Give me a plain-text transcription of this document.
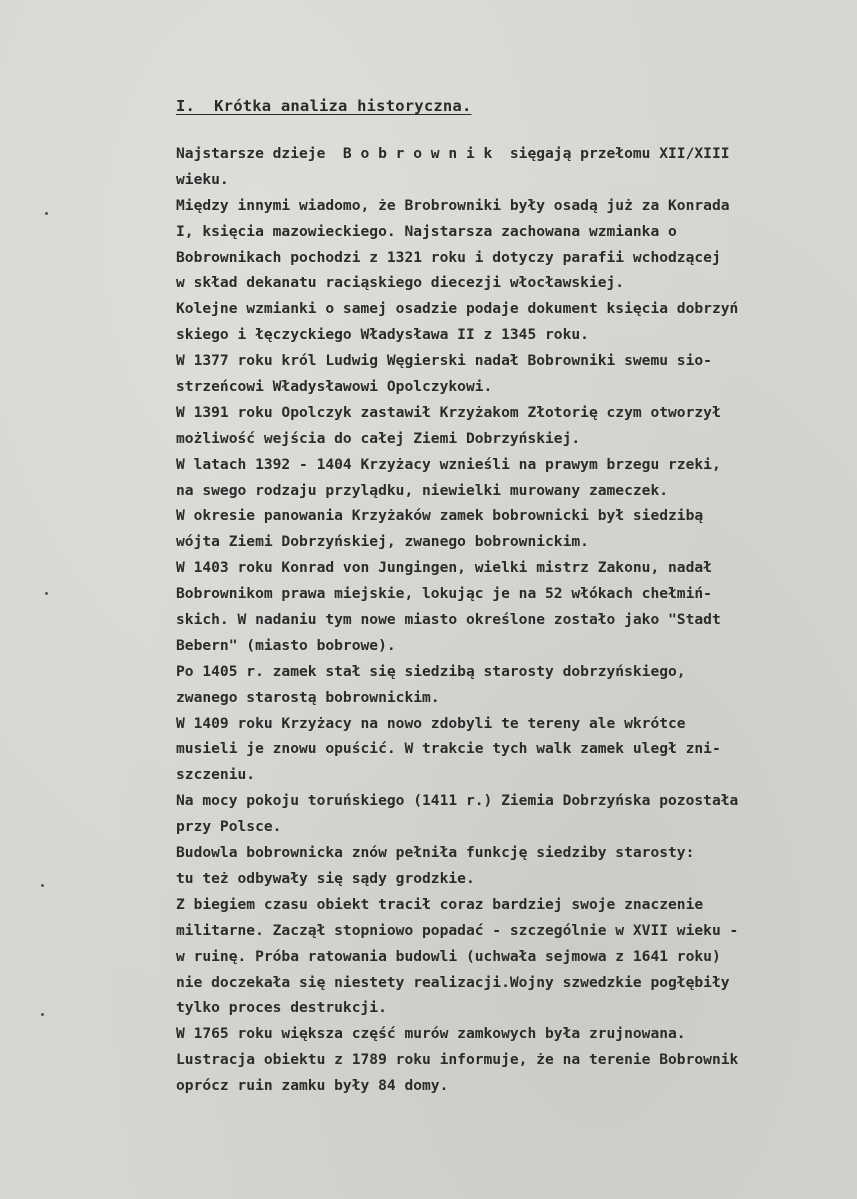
I.  Krótka analiza historyczna.
Najstarsze dzieje  B o b r o w n i k  sięgają przełomu XII/XIII
wieku.
Między innymi wiadomo, że Brobrowniki były osadą już za Konrada
I, księcia mazowieckiego. Najstarsza zachowana wzmianka o
Bobrownikach pochodzi z 1321 roku i dotyczy parafii wchodzącej
w skład dekanatu raciąskiego diecezji włocławskiej.
Kolejne wzmianki o samej osadzie podaje dokument księcia dobrzyń
skiego i łęczyckiego Władysława II z 1345 roku.
W 1377 roku król Ludwig Węgierski nadał Bobrowniki swemu sio-
strzeńcowi Władysławowi Opolczykowi.
W 1391 roku Opolczyk zastawił Krzyżakom Złotorię czym otworzył
możliwość wejścia do całej Ziemi Dobrzyńskiej.
W latach 1392 - 1404 Krzyżacy wznieśli na prawym brzegu rzeki,
na swego rodzaju przylądku, niewielki murowany zameczek.
W okresie panowania Krzyżaków zamek bobrownicki był siedzibą
wójta Ziemi Dobrzyńskiej, zwanego bobrownickim.
W 1403 roku Konrad von Jungingen, wielki mistrz Zakonu, nadał
Bobrownikom prawa miejskie, lokując je na 52 włókach chełmiń-
skich. W nadaniu tym nowe miasto określone zostało jako "Stadt
Bebern" (miasto bobrowe).
Po 1405 r. zamek stał się siedzibą starosty dobrzyńskiego,
zwanego starostą bobrownickim.
W 1409 roku Krzyżacy na nowo zdobyli te tereny ale wkrótce
musieli je znowu opuścić. W trakcie tych walk zamek uległ zni-
szczeniu.
Na mocy pokoju toruńskiego (1411 r.) Ziemia Dobrzyńska pozostała
przy Polsce.
Budowla bobrownicka znów pełniła funkcję siedziby starosty:
tu też odbywały się sądy grodzkie.
Z biegiem czasu obiekt tracił coraz bardziej swoje znaczenie
militarne. Zaczął stopniowo popadać - szczególnie w XVII wieku -
w ruinę. Próba ratowania budowli (uchwała sejmowa z 1641 roku)
nie doczekała się niestety realizacji.Wojny szwedzkie pogłębiły
tylko proces destrukcji.
W 1765 roku większa część murów zamkowych była zrujnowana.
Lustracja obiektu z 1789 roku informuje, że na terenie Bobrownik
oprócz ruin zamku były 84 domy.
